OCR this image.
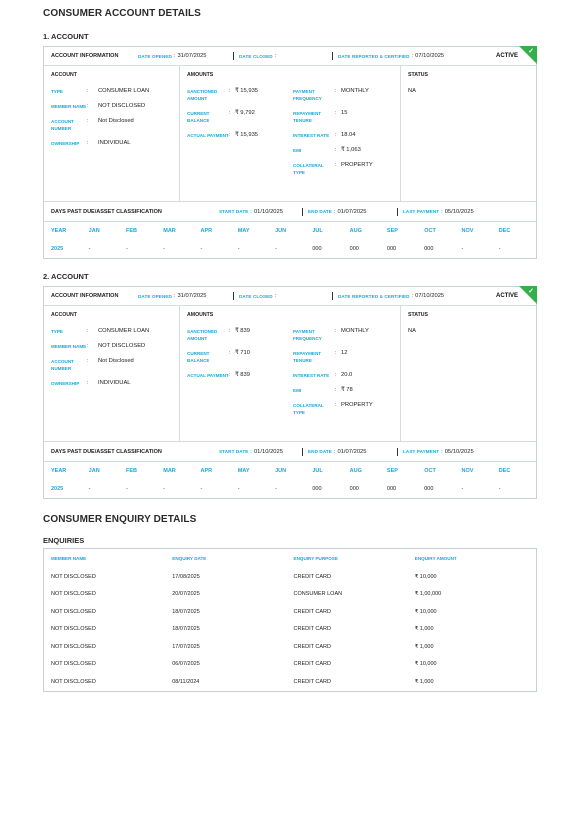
CONSUMER ACCOUNT DETAILS
1. ACCOUNT
ACCOUNT INFORMATION	DATE OPENED : 31/07/2025	DATE CLOSED :	DATE REPORTED & CERTIFIED : 07/10/2025	ACTIVE
✓
ACCOUNT
TYPE	:	CONSUMER LOAN
MEMBER NAME :	NOT DISCLOSED
ACCOUNT NUMBER
:	Not Disclosed
OWNERSHIP	:	INDIVIDUAL
AMOUNTS
SANCTIONED AMOUNT
: ₹ 15,935
CURRENT BALANCE
: ₹ 9,792
ACTUAL PAYMENT : ₹ 15,935
PAYMENT FREQUENCY
: MONTHLY
REPAYMENT TENURE
: 15
INTEREST RATE	: 18.04
EMI	: ₹ 1,063
COLLATERAL TYPE
: PROPERTY
STATUS
NA
DAYS PAST DUE/ASSET CLASSIFICATION	START DATE : 01/10/2025	END DATE : 01/07/2025	LAST PAYMENT : 05/10/2025
YEAR	JAN	FEB	MAR	APR	MAY	JUN	JUL	AUG	SEP	OCT	NOV	DEC
2025	-	-	-	-	-	-	000	000	000	000	-	-
2. ACCOUNT
ACCOUNT INFORMATION	DATE OPENED : 31/07/2025	DATE CLOSED :	DATE REPORTED & CERTIFIED : 07/10/2025	ACTIVE
✓
ACCOUNT
TYPE	:	CONSUMER LOAN
MEMBER NAME :	NOT DISCLOSED
ACCOUNT NUMBER
:	Not Disclosed
OWNERSHIP	:	INDIVIDUAL
AMOUNTS
SANCTIONED AMOUNT
: ₹ 839
CURRENT BALANCE
: ₹ 710
ACTUAL PAYMENT : ₹ 839
PAYMENT FREQUENCY
: MONTHLY
REPAYMENT TENURE
: 12
INTEREST RATE	: 20.0
EMI	: ₹ 78
COLLATERAL TYPE
: PROPERTY
STATUS
NA
DAYS PAST DUE/ASSET CLASSIFICATION	START DATE : 01/10/2025	END DATE : 01/07/2025	LAST PAYMENT : 05/10/2025
YEAR	JAN	FEB	MAR	APR	MAY	JUN	JUL	AUG	SEP	OCT	NOV	DEC
2025	-	-	-	-	-	-	000	000	000	000	-	-
CONSUMER ENQUIRY DETAILS
ENQUIRIES
MEMBER NAME	ENQUIRY DATE	ENQUIRY PURPOSE	ENQUIRY AMOUNT
NOT DISCLOSED	17/08/2025	CREDIT CARD	₹ 10,000
NOT DISCLOSED	20/07/2025	CONSUMER LOAN	₹ 1,00,000
NOT DISCLOSED	18/07/2025	CREDIT CARD	₹ 10,000
NOT DISCLOSED	18/07/2025	CREDIT CARD	₹ 1,000
NOT DISCLOSED	17/07/2025	CREDIT CARD	₹ 1,000
NOT DISCLOSED	06/07/2025	CREDIT CARD	₹ 10,000
NOT DISCLOSED	08/11/2024	CREDIT CARD	₹ 1,000
